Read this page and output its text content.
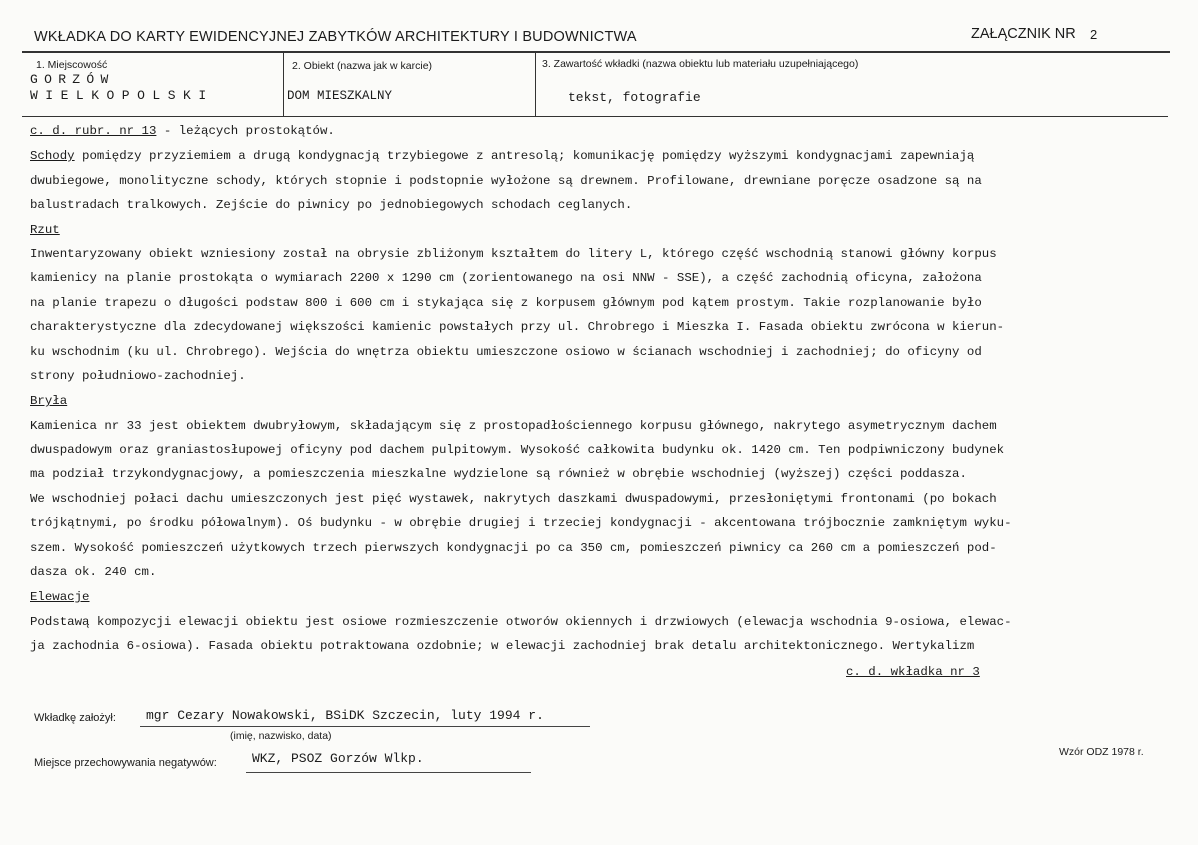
WKŁADKA DO KARTY EWIDENCYJNEJ ZABYTKÓW ARCHITEKTURY I BUDOWNICTWA	ZAŁĄCZNIK NR 2
1. Miejscowość
GORZÓW
WIELKOPOLSKI
2. Obiekt (nazwa jak w karcie)
DOM MIESZKALNY
3. Zawartość wkładki (nazwa obiektu lub materiału uzupełniającego)
tekst, fotografie
c. d. rubr. nr 13 - leżących prostokątów.
Schody pomiędzy przyziemiem a drugą kondygnacją trzybiegowe z antresolą; komunikację pomiędzy wyższymi kondygnacjami zapewniają
dwubiegowe, monolityczne schody, których stopnie i podstopnie wyłożone są drewnem. Profilowane, drewniane poręcze osadzone są na
balustradach tralkowych. Zejście do piwnicy po jednobiegowych schodach ceglanych.
Rzut
Inwentaryzowany obiekt wzniesiony został na obrysie zbliżonym kształtem do litery L, którego część wschodnią stanowi główny korpus
kamienicy na planie prostokąta o wymiarach 2200 x 1290 cm (zorientowanego na osi NNW - SSE), a część zachodnią oficyna, założona
na planie trapezu o długości podstaw 800 i 600 cm i stykająca się z korpusem głównym pod kątem prostym. Takie rozplanowanie było
charakterystyczne dla zdecydowanej większości kamienic powstałych przy ul. Chrobrego i Mieszka I. Fasada obiektu zwrócona w kierun-
ku wschodnim (ku ul. Chrobrego). Wejścia do wnętrza obiektu umieszczone osiowo w ścianach wschodniej i zachodniej; do oficyny od
strony południowo-zachodniej.
Bryła
Kamienica nr 33 jest obiektem dwubryłowym, składającym się z prostopadłościennego korpusu głównego, nakrytego asymetrycznym dachem
dwuspadowym oraz graniastosłupowej oficyny pod dachem pulpitowym. Wysokość całkowita budynku ok. 1420 cm. Ten podpiwniczony budynek
ma podział trzykondygnacjowy, a pomieszczenia mieszkalne wydzielone są również w obrębie wschodniej (wyższej) części poddasza.
We wschodniej połaci dachu umieszczonych jest pięć wystawek, nakrytych daszkami dwuspadowymi, przesłoniętymi frontonami (po bokach
trójkątnymi, po środku półowalnym). Oś budynku - w obrębie drugiej i trzeciej kondygnacji - akcentowana trójbocznie zamkniętym wyku-
szem. Wysokość pomieszczeń użytkowych trzech pierwszych kondygnacji po ca 350 cm, pomieszczeń piwnicy ca 260 cm a pomieszczeń pod-
dasza ok. 240 cm.
Elewacje
Podstawą kompozycji elewacji obiektu jest osiowe rozmieszczenie otworów okiennych i drzwiowych (elewacja wschodnia 9-osiowa, elewac-
ja zachodnia 6-osiowa). Fasada obiektu potraktowana ozdobnie; w elewacji zachodniej brak detalu architektonicznego. Wertykalizm
c. d. wkładka nr 3
Wkładkę założył: mgr Cezary Nowakowski, BSiDK Szczecin, luty 1994 r.
(imię, nazwisko, data)
Miejsce przechowywania negatywów:	WKZ, PSOZ Gorzów Wlkp.	Wzór ODZ 1978 r.
